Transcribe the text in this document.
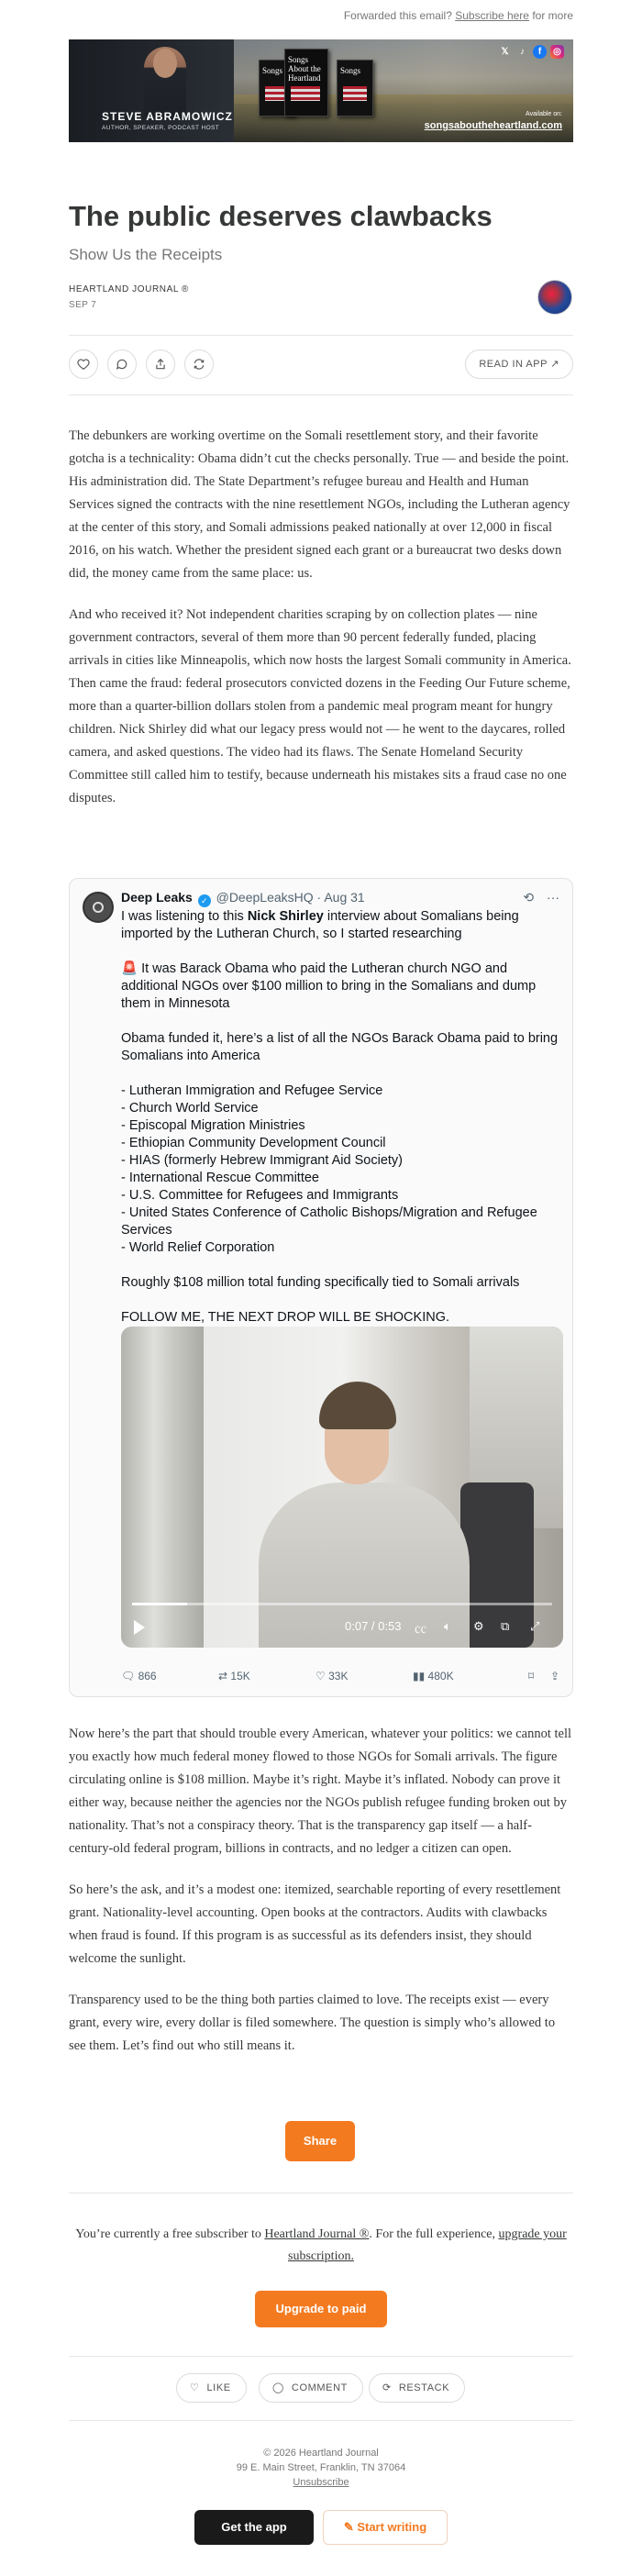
Forwarded this email? Subscribe here for more
STEVE ABRAMOWICZ
AUTHOR, SPEAKER, PODCAST HOST
Songs
Songs About the Heartland
Songs
𝕏	♪	f	◎
Available on:
songsaboutheheartland.com
The public deserves clawbacks
Show Us the Receipts
HEARTLAND JOURNAL ®
SEP 7
READ IN APP ↗

The debunkers are working overtime on the Somali resettlement story, and their favorite gotcha is a technicality: Obama didn’t cut the checks personally. True — and beside the point. His administration did. The State Department’s refugee bureau and Health and Human Services signed the contracts with the nine resettlement NGOs, including the Lutheran agency at the center of this story, and Somali admissions peaked nationally at over 12,000 in fiscal 2016, on his watch. Whether the president signed each grant or a bureaucrat two desks down did, the money came from the same place: us.

And who received it? Not independent charities scraping by on collection plates — nine government contractors, several of them more than 90 percent federally funded, placing arrivals in cities like Minneapolis, which now hosts the largest Somali community in America. Then came the fraud: federal prosecutors convicted dozens in the Feeding Our Future scheme, more than a quarter-billion dollars stolen from a pandemic meal program meant for hungry children. Nick Shirley did what our legacy press would not — he went to the daycares, rolled camera, and asked questions. The video had its flaws. The Senate Homeland Security Committee still called him to testify, because underneath his mistakes sits a fraud case no one disputes.

Deep Leaks ✓ @DeepLeaksHQ · Aug 31	⟲ ···

I was listening to this Nick Shirley interview about Somalians being imported by the Lutheran Church, so I started researching

🚨 It was Barack Obama who paid the Lutheran church NGO and additional NGOs over $100 million to bring in the Somalians and dump them in Minnesota

Obama funded it, here’s a list of all the NGOs Barack Obama paid to bring Somalians into America

- Lutheran Immigration and Refugee Service
- Church World Service
- Episcopal Migration Ministries
- Ethiopian Community Development Council
- HIAS (formerly Hebrew Immigrant Aid Society)
- International Rescue Committee
- U.S. Committee for Refugees and Immigrants
- United States Conference of Catholic Bishops/Migration and Refugee Services
- World Relief Corporation

Roughly $108 million total funding specifically tied to Somali arrivals

FOLLOW ME, THE NEXT DROP WILL BE SHOCKING.

0:07 / 0:53 ㏄ 🔈︎ ⚙ ⧉ ⤢
🗨︎ 866	⇄ 15K	♡ 33K	▮▮ 480K	⌑ ⇪

Now here’s the part that should trouble every American, whatever your politics: we cannot tell you exactly how much federal money flowed to those NGOs for Somali arrivals. The figure circulating online is $108 million. Maybe it’s right. Maybe it’s inflated. Nobody can prove it either way, because neither the agencies nor the NGOs publish refugee funding broken out by nationality. That’s not a conspiracy theory. That is the transparency gap itself — a half-century-old federal program, billions in contracts, and no ledger a citizen can open.

So here’s the ask, and it’s a modest one: itemized, searchable reporting of every resettlement grant. Nationality-level accounting. Open books at the contractors. Audits with clawbacks when fraud is found. If this program is as successful as its defenders insist, they should welcome the sunlight.

Transparency used to be the thing both parties claimed to love. The receipts exist — every grant, every wire, every dollar is filed somewhere. The question is simply who’s allowed to see them. Let’s find out who still means it.

Share
You’re currently a free subscriber to Heartland Journal ®. For the full experience, upgrade your subscription.
Upgrade to paid
♡ LIKE	◯ COMMENT	⟳ RESTACK
© 2026 Heartland Journal
99 E. Main Street, Franklin, TN 37064
Unsubscribe
Get the app	✎ Start writing
